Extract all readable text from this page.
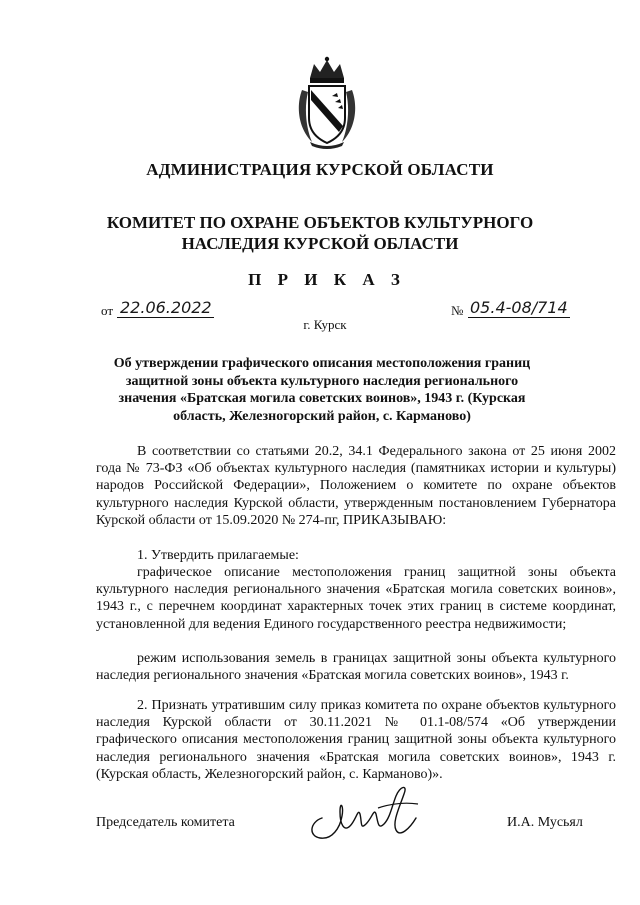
АДМИНИСТРАЦИЯ КУРСКОЙ ОБЛАСТИ
КОМИТЕТ ПО ОХРАНЕ ОБЪЕКТОВ КУЛЬТУРНОГО НАСЛЕДИЯ КУРСКОЙ ОБЛАСТИ
П Р И К А З
от 22.06.2022	№ 05.4-08/714
г. Курск
Об утверждении графического описания местоположения границ защитной зоны объекта культурного наследия регионального значения «Братская могила советских воинов», 1943 г. (Курская область, Железногорский район, с. Карманово)

В соответствии со статьями 20.2, 34.1 Федерального закона от 25 июня 2002 года № 73-ФЗ «Об объектах культурного наследия (памятниках истории и культуры) народов Российской Федерации», Положением о комитете по охране объектов культурного наследия Курской области, утвержденным постановлением Губернатора Курской области от 15.09.2020 № 274-пг, ПРИКАЗЫВАЮ:

1. Утвердить прилагаемые:

графическое описание местоположения границ защитной зоны объекта культурного наследия регионального значения «Братская могила советских воинов», 1943 г., с перечнем координат характерных точек этих границ в системе координат, установленной для ведения Единого государственного реестра недвижимости;

режим использования земель в границах защитной зоны объекта культурного наследия регионального значения «Братская могила советских воинов», 1943 г.

2. Признать утратившим силу приказ комитета по охране объектов культурного наследия Курской области от 30.11.2021 № 01.1-08/574 «Об утверждении графического описания местоположения границ защитной зоны объекта культурного наследия регионального значения «Братская могила советских воинов», 1943 г. (Курская область, Железногорский район, с. Карманово)».

Председатель комитета	И.А. Мусьял
